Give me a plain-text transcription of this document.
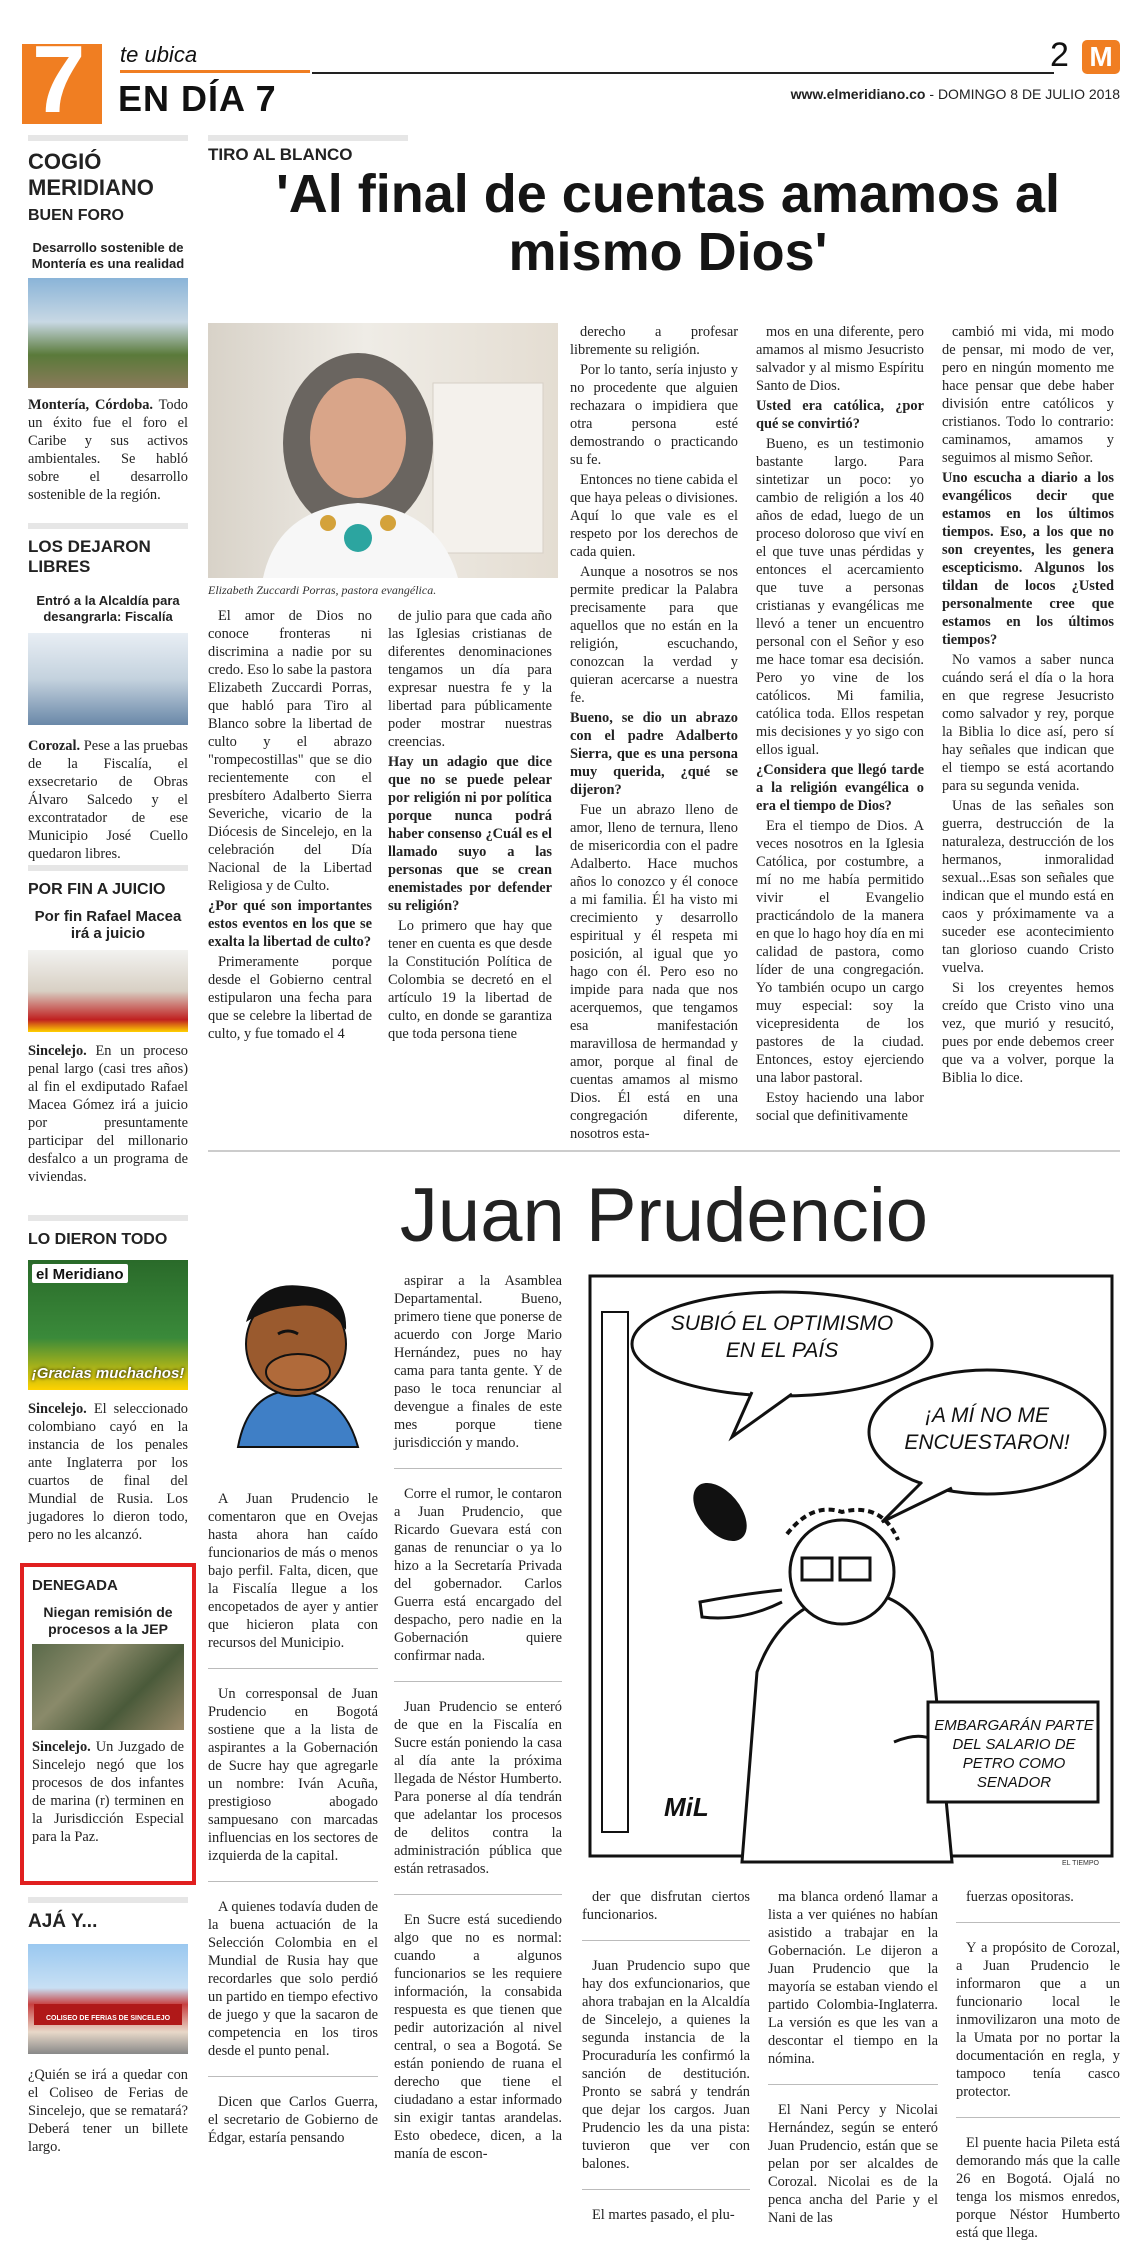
7 te ubica
EN DÍA 7
2 M
www.elmeridiano.co - DOMINGO 8 DE JULIO 2018
COGIÓ MERIDIANO
BUEN FORO
Desarrollo sostenible de Montería es una realidad

Montería, Córdoba. Todo un éxito fue el foro el Caribe y sus activos ambientales. Se habló sobre el desarrollo sostenible de la región.

LOS DEJARON LIBRES
Entró a la Alcaldía para desangrarla: Fiscalía

Corozal. Pese a las pruebas de la Fiscalía, el exsecretario de Obras Álvaro Salcedo y el excontratador de ese Municipio José Cuello quedaron libres.

POR FIN A JUICIO
Por fin Rafael Macea irá a juicio

Sincelejo. En un proceso penal largo (casi tres años) al fin el exdiputado Rafael Macea Gómez irá a juicio por presuntamente participar del millonario desfalco a un programa de viviendas.

LO DIERON TODO
el Meridiano
¡Gracias muchachos!

Sincelejo. El seleccionado colombiano cayó en la instancia de los penales ante Inglaterra por los cuartos de final del Mundial de Rusia. Los jugadores lo dieron todo, pero no les alcanzó.

DENEGADA
Niegan remisión de procesos a la JEP

Sincelejo. Un Juzgado de Sincelejo negó que los procesos de dos infantes de marina (r) terminen en la Jurisdicción Especial para la Paz.

AJÁ Y...
COLISEO DE FERIAS DE SINCELEJO

¿Quién se irá a quedar con el Coliseo de Ferias de Sincelejo, que se rematará? Deberá tener un billete largo.

TIRO AL BLANCO
'Al final de cuentas amamos al mismo Dios'
Elizabeth Zuccardi Porras, pastora evangélica.

El amor de Dios no conoce fronteras ni discrimina a nadie por su credo. Eso lo sabe la pastora Elizabeth Zuccardi Porras, que habló para Tiro al Blanco sobre la libertad de culto y el abrazo "rompecostillas" que se dio recientemente con el presbítero Adalberto Sierra Severiche, vicario de la Diócesis de Sincelejo, en la celebración del Día Nacional de la Libertad Religiosa y de Culto.

¿Por qué son importantes estos eventos en los que se exalta la libertad de culto?

Primeramente porque desde el Gobierno central estipularon una fecha para que se celebre la libertad de culto, y fue tomado el 4

de julio para que cada año las Iglesias cristianas de diferentes denominaciones tengamos un día para expresar nuestra fe y la libertad para públicamente poder mostrar nuestras creencias.

Hay un adagio que dice que no se puede pelear por religión ni por política porque nunca podrá haber consenso ¿Cuál es el llamado suyo a las personas que se crean enemistades por defender su religión?

Lo primero que hay que tener en cuenta es que desde la Constitución Política de Colombia se decretó en el artículo 19 la libertad de culto, en donde se garantiza que toda persona tiene

derecho a profesar libremente su religión.

Por lo tanto, sería injusto y no procedente que alguien rechazara o impidiera que otra persona esté demostrando o practicando su fe.

Entonces no tiene cabida el que haya peleas o divisiones. Aquí lo que vale es el respeto por los derechos de cada quien.

Aunque a nosotros se nos permite predicar la Palabra precisamente para que aquellos que no están en la religión, escuchando, conozcan la verdad y quieran acercarse a nuestra fe.

Bueno, se dio un abrazo con el padre Adalberto Sierra, que es una persona muy querida, ¿qué se dijeron?

Fue un abrazo lleno de amor, lleno de ternura, lleno de misericordia con el padre Adalberto. Hace muchos años lo conozco y él conoce a mi familia. Él ha visto mi crecimiento y desarrollo espiritual y él respeta mi posición, al igual que yo hago con él. Pero eso no impide para nada que nos acerquemos, que tengamos esa manifestación maravillosa de hermandad y amor, porque al final de cuentas amamos al mismo Dios. Él está en una congregación diferente, nosotros esta-

mos en una diferente, pero amamos al mismo Jesucristo salvador y al mismo Espíritu Santo de Dios.

Usted era católica, ¿por qué se convirtió?

Bueno, es un testimonio bastante largo. Para sintetizar un poco: yo cambio de religión a los 40 años de edad, luego de un proceso doloroso que viví en el que tuve unas pérdidas y entonces el acercamiento que tuve a personas cristianas y evangélicas me llevó a tener un encuentro personal con el Señor y eso me hace tomar esa decisión. Pero yo vine de los católicos. Mi familia, católica toda. Ellos respetan mis decisiones y yo sigo con ellos igual.

¿Considera que llegó tarde a la religión evangélica o era el tiempo de Dios?

Era el tiempo de Dios. A veces nosotros en la Iglesia Católica, por costumbre, a mí no me había permitido vivir el Evangelio practicándolo de la manera en que lo hago hoy día en mi calidad de pastora, como líder de una congregación. Yo también ocupo un cargo muy especial: soy la vicepresidenta de los pastores de la ciudad. Entonces, estoy ejerciendo una labor pastoral.

Estoy haciendo una labor social que definitivamente

cambió mi vida, mi modo de pensar, mi modo de ver, pero en ningún momento me hace pensar que debe haber división entre católicos y cristianos. Todo lo contrario: caminamos, amamos y seguimos al mismo Señor.

Uno escucha a diario a los evangélicos decir que estamos en los últimos tiempos. Eso, a los que no son creyentes, les genera escepticismo. Algunos los tildan de locos ¿Usted personalmente cree que estamos en los últimos tiempos?

No vamos a saber nunca cuándo será el día o la hora en que regrese Jesucristo como salvador y rey, porque la Biblia lo dice así, pero sí hay señales que indican que el tiempo se está acortando para su segunda venida.

Unas de las señales son guerra, destrucción de la naturaleza, destrucción de los hermanos, inmoralidad sexual...Esas son señales que indican que el mundo está en caos y próximamente va a suceder ese acontecimiento tan glorioso cuando Cristo vuelva.

Si los creyentes hemos creído que Cristo vino una vez, que murió y resucitó, pues por ende debemos creer que va a volver, porque la Biblia lo dice.

Juan Prudencio

A Juan Prudencio le comentaron que en Ovejas hasta ahora han caído funcionarios de más o menos bajo perfil. Falta, dicen, que la Fiscalía llegue a los encopetados de ayer y antier que hicieron plata con recursos del Municipio.

Un corresponsal de Juan Prudencio en Bogotá sostiene que a la lista de aspirantes a la Gobernación de Sucre hay que agregarle un nombre: Iván Acuña, prestigioso abogado sampuesano con marcadas influencias en los sectores de izquierda de la capital.

A quienes todavía duden de la buena actuación de la Selección Colombia en el Mundial de Rusia hay que recordarles que solo perdió un partido en tiempo efectivo de juego y que la sacaron de competencia en los tiros desde el punto penal.

Dicen que Carlos Guerra, el secretario de Gobierno de Édgar, estaría pensando

aspirar a la Asamblea Departamental. Bueno, primero tiene que ponerse de acuerdo con Jorge Mario Hernández, pues no hay cama para tanta gente. Y de paso le toca renunciar al devengue a finales de este mes porque tiene jurisdicción y mando.

Corre el rumor, le contaron a Juan Prudencio, que Ricardo Guevara está con ganas de renunciar o ya lo hizo a la Secretaría Privada del gobernador. Carlos Guerra está encargado del despacho, pero nadie en la Gobernación quiere confirmar nada.

Juan Prudencio se enteró de que en la Fiscalía en Sucre están poniendo la casa al día ante la próxima llegada de Néstor Humberto. Para ponerse al día tendrán que adelantar los procesos de delitos contra la administración pública que están retrasados.

En Sucre está sucediendo algo que no es normal: cuando a algunos funcionarios se les requiere información, la consabida respuesta es que tienen que pedir autorización al nivel central, o sea a Bogotá. Se están poniendo de ruana el derecho que tiene el ciudadano a estar informado sin exigir tantas arandelas. Esto obedece, dicen, a la manía de escon-

SUBIÓ EL OPTIMISMO EN EL PAÍS
¡A MÍ NO ME ENCUESTARON!
EMBARGARÁN PARTE DEL SALARIO DE PETRO COMO SENADOR
MiL
EL TIEMPO

der que disfrutan ciertos funcionarios.

Juan Prudencio supo que hay dos exfuncionarios, que ahora trabajan en la Alcaldía de Sincelejo, a quienes la segunda instancia de la Procuraduría les confirmó la sanción de destitución. Pronto se sabrá y tendrán que dejar los cargos. Juan Prudencio les da una pista: tuvieron que ver con balones.

El martes pasado, el plu-

ma blanca ordenó llamar a lista a ver quiénes no habían asistido a trabajar en la Gobernación. Le dijeron a Juan Prudencio que la mayoría se estaban viendo el partido Colombia-Inglaterra. La versión es que les van a descontar el tiempo en la nómina.

El Nani Percy y Nicolai Hernández, según se enteró Juan Prudencio, están que se pelan por ser alcaldes de Corozal. Nicolai es de la penca ancha del Parie y el Nani de las

fuerzas opositoras.

Y a propósito de Corozal, a Juan Prudencio le informaron que a un funcionario local le inmovilizaron una moto de la Umata por no portar la documentación en regla, y tampoco tenía casco protector.

El puente hacia Pileta está demorando más que la calle 26 en Bogotá. Ojalá no tenga los mismos enredos, porque Néstor Humberto está que llega.
